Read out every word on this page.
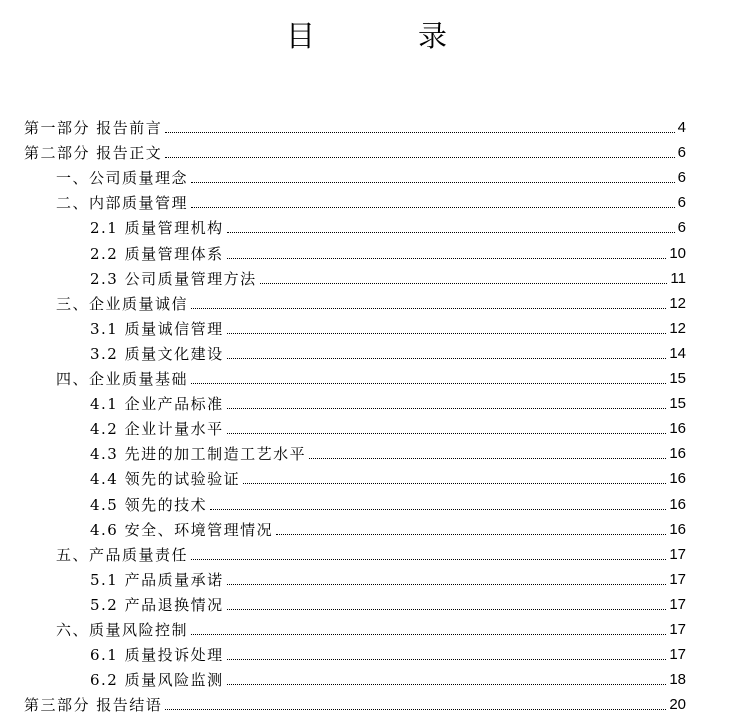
目	录
第一部分 报告前言	4
第二部分 报告正文	6
一、公司质量理念	6
二、内部质量管理	6
2.1 质量管理机构	6
2.2 质量管理体系	10
2.3 公司质量管理方法	11
三、企业质量诚信	12
3.1 质量诚信管理	12
3.2 质量文化建设	14
四、企业质量基础	15
4.1 企业产品标准	15
4.2 企业计量水平	16
4.3 先进的加工制造工艺水平	16
4.4 领先的试验验证	16
4.5 领先的技术	16
4.6 安全、环境管理情况	16
五、产品质量责任	17
5.1 产品质量承诺	17
5.2 产品退换情况	17
六、质量风险控制	17
6.1 质量投诉处理	17
6.2 质量风险监测	18
第三部分 报告结语	20
